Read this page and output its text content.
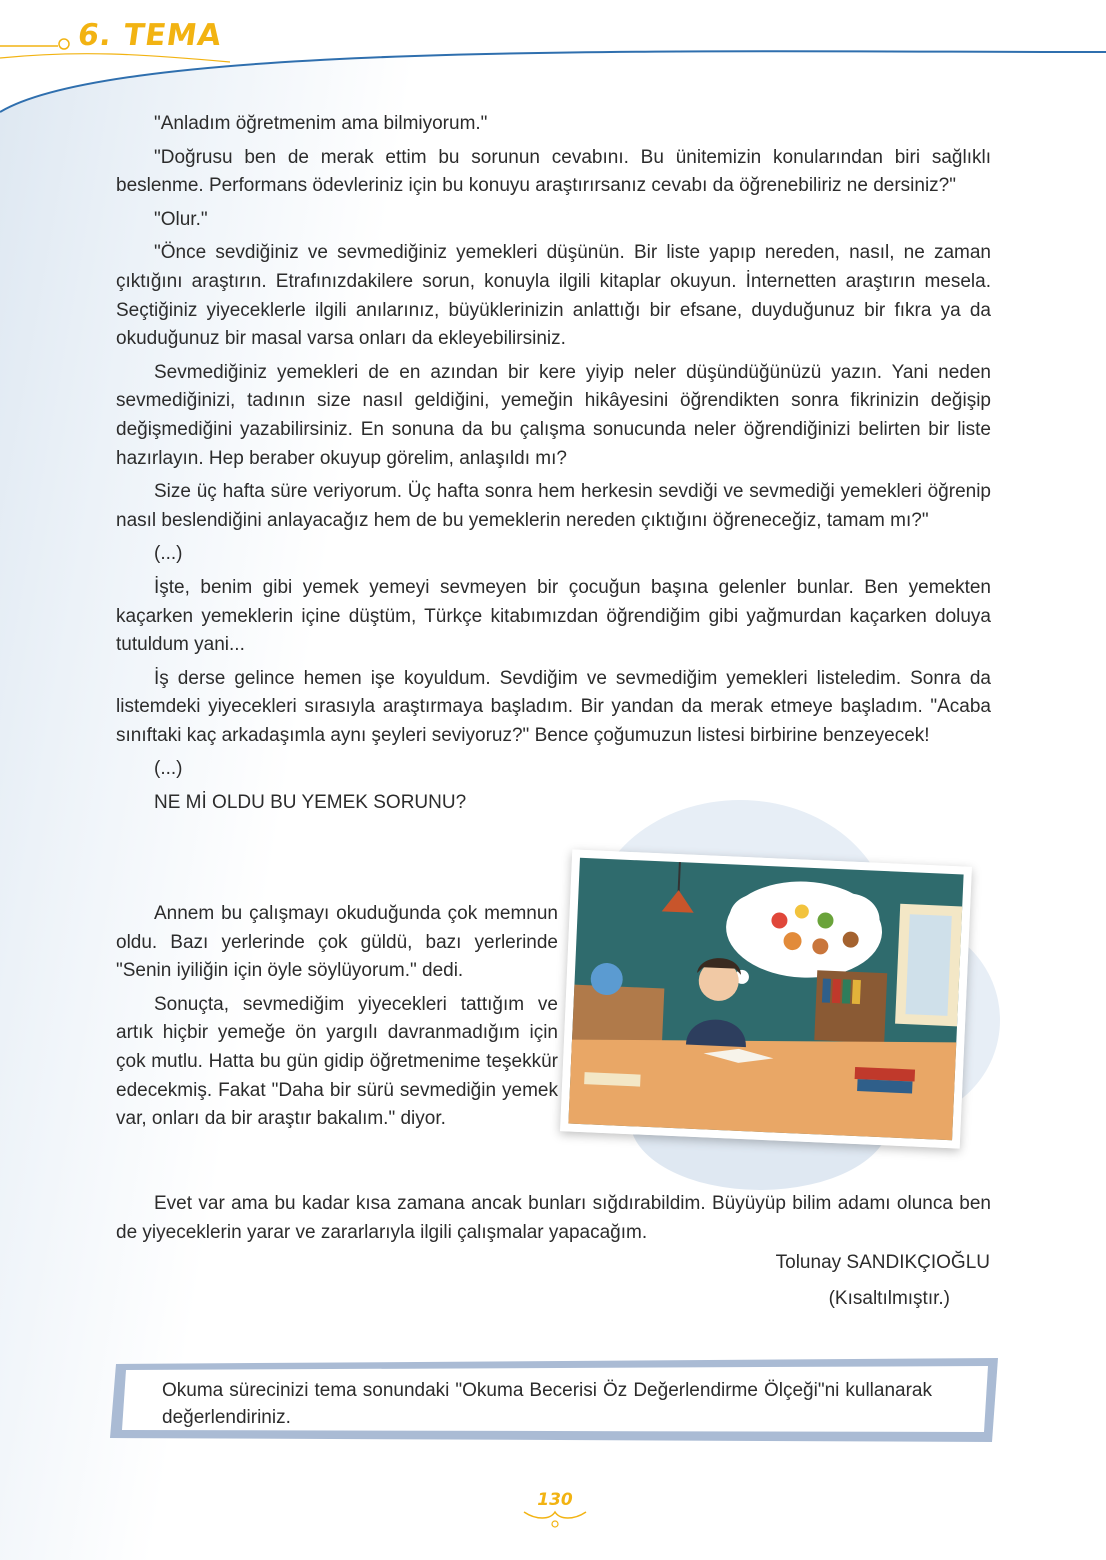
6. TEMA

"Anladım öğretmenim ama bilmiyorum."

"Doğrusu ben de merak ettim bu sorunun cevabını. Bu ünitemizin konularından biri sağlıklı beslenme. Performans ödevleriniz için bu konuyu araştırırsanız cevabı da öğrenebiliriz ne dersiniz?"

"Olur."

"Önce sevdiğiniz ve sevmediğiniz yemekleri düşünün. Bir liste yapıp nereden, nasıl, ne zaman çıktığını araştırın. Etrafınızdakilere sorun, konuyla ilgili kitaplar okuyun. İnternetten araştırın mesela. Seçtiğiniz yiyeceklerle ilgili anılarınız, büyüklerinizin anlattığı bir efsane, duyduğunuz bir fıkra ya da okuduğunuz bir masal varsa onları da ekleyebilirsiniz.

Sevmediğiniz yemekleri de en azından bir kere yiyip neler düşündüğünüzü yazın. Yani neden sevmediğinizi, tadının size nasıl geldiğini, yemeğin hikâyesini öğrendikten sonra fikrinizin değişip değişmediğini yazabilirsiniz. En sonuna da bu çalışma sonucunda neler öğrendiğinizi belirten bir liste hazırlayın. Hep beraber okuyup görelim, anlaşıldı mı?

Size üç hafta süre veriyorum. Üç hafta sonra hem herkesin sevdiği ve sevmediği yemekleri öğrenip nasıl beslendiğini anlayacağız hem de bu yemeklerin nereden çıktığını öğreneceğiz, tamam mı?"

(...)

İşte, benim gibi yemek yemeyi sevmeyen bir çocuğun başına gelenler bunlar. Ben yemekten kaçarken yemeklerin içine düştüm, Türkçe kitabımızdan öğrendiğim gibi yağmurdan kaçarken doluya tutuldum yani...

İş derse gelince hemen işe koyuldum. Sevdiğim ve sevmediğim yemekleri listeledim. Sonra da listemdeki yiyecekleri sırasıyla araştırmaya başladım. Bir yandan da merak etmeye başladım. "Acaba sınıftaki kaç arkadaşımla aynı şeyleri seviyoruz?" Bence çoğumuzun listesi birbirine benzeyecek!

(...)

NE Mİ OLDU BU YEMEK SORUNU?

Annem bu çalışmayı okuduğunda çok memnun oldu. Bazı yerlerinde çok güldü, bazı yerlerinde "Senin iyiliğin için öyle söylüyorum." dedi.

Sonuçta, sevmediğim yiyecekleri tattığım ve artık hiçbir yemeğe ön yargılı davranmadığım için çok mutlu. Hatta bu gün gidip öğretmenime teşekkür edecekmiş. Fakat "Daha bir sürü sevmediğin yemek var, onları da bir araştır bakalım." diyor.

Evet var ama bu kadar kısa zamana ancak bunları sığdırabildim. Büyüyüp bilim adamı olunca ben de yiyeceklerin yarar ve zararlarıyla ilgili çalışmalar yapacağım.

Tolunay SANDIKÇIOĞLU
(Kısaltılmıştır.)
Okuma sürecinizi tema sonundaki "Okuma Becerisi Öz Değerlendirme Ölçeği"ni kullanarak değerlendiriniz.
130
